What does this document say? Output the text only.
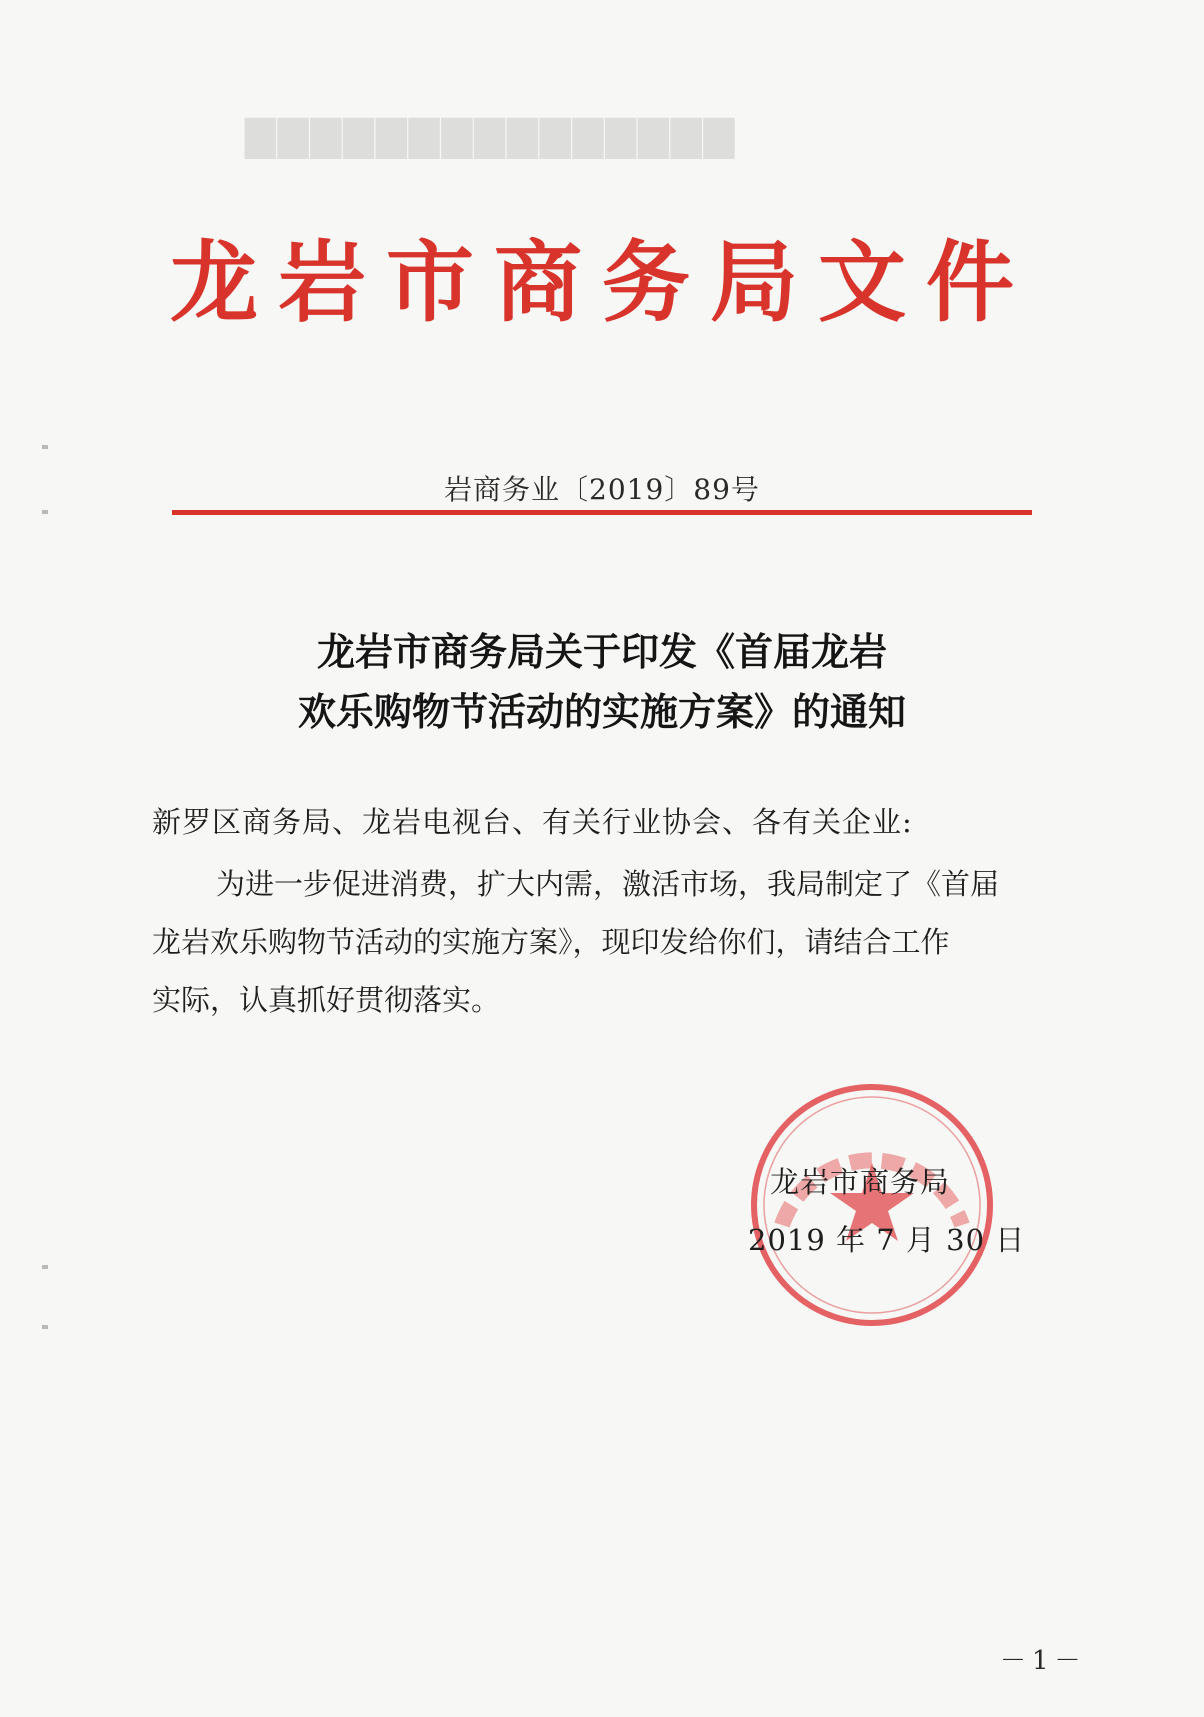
▇▇▇▇▇▇▇▇▇▇▇▇▇▇▇
龙岩市商务局文件
岩商务业〔2019〕89号
龙岩市商务局关于印发《首届龙岩
欢乐购物节活动的实施方案》的通知
新罗区商务局、龙岩电视台、有关行业协会、各有关企业:
为进一步促进消费，扩大内需，激活市场，我局制定了《首届
龙岩欢乐购物节活动的实施方案》，现印发给你们，请结合工作
实际，认真抓好贯彻落实。
龙岩市商务局
2019 年 7 月 30 日
－1－
